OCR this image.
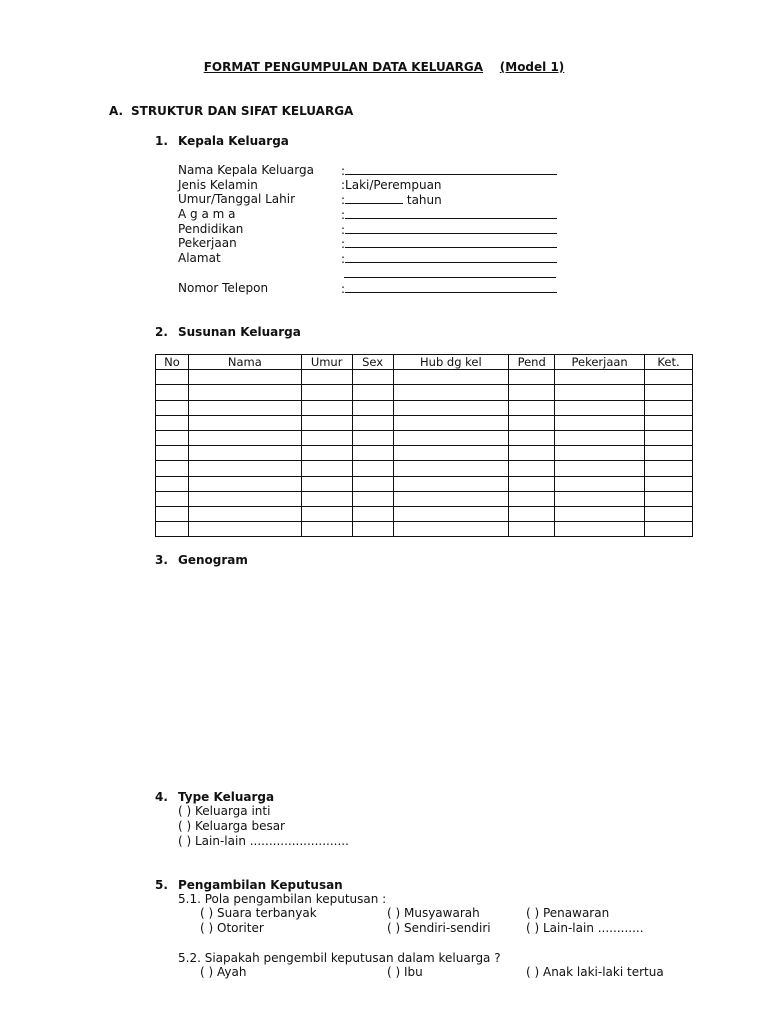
FORMAT PENGUMPULAN DATA KELUARGA (Model 1)
A. STRUKTUR DAN SIFAT KELUARGA
1. Kepala Keluarga
Nama Kepala Keluarga :
Jenis Kelamin	:Laki/Perempuan
Umur/Tanggal Lahir	:	tahun
A g a m a	:
Pendidikan	:
Pekerjaan	:
Alamat	:
Nomor Telepon	:
2. Susunan Keluarga
No	Nama	Umur	Sex	Hub dg kel	Pend	Pekerjaan	Ket.

3. Genogram
4. Type Keluarga
( ) Keluarga inti
( ) Keluarga besar
( ) Lain-lain ..........................
5. Pengambilan Keputusan
5.1. Pola pengambilan keputusan :
( ) Suara terbanyak	( ) Musyawarah	( ) Penawaran
( ) Otoriter	( ) Sendiri-sendiri	( ) Lain-lain ............
5.2. Siapakah pengembil keputusan dalam keluarga ?
( ) Ayah	( ) Ibu	( ) Anak laki-laki tertua
